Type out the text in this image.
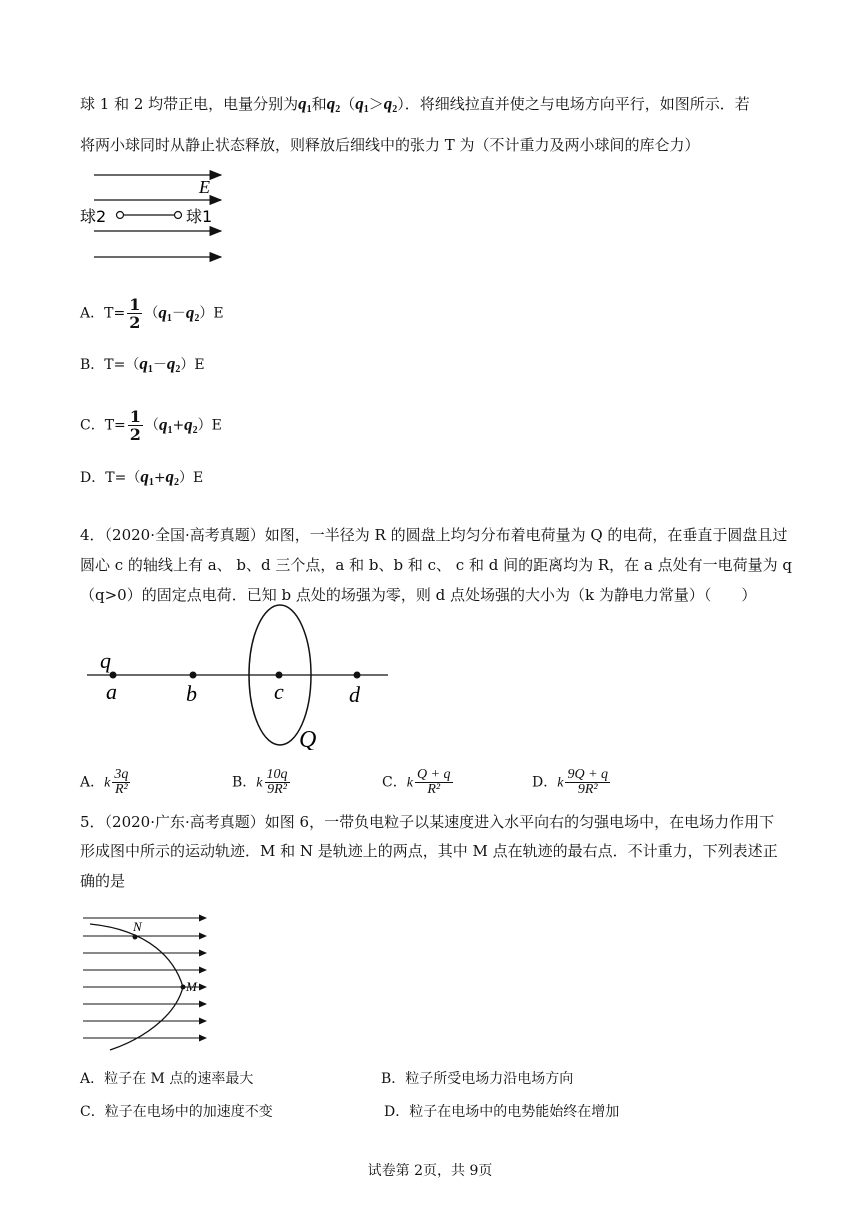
球 1 和 2 均带正电，电量分别为$q_1$和$q_2(q_1>q_2)$．将细线拉直并使之与电场方向平行，如图所示．若
将两小球同时从静止状态释放，则释放后细线中的张力 T 为（不计重力及两小球间的库仑力）
E
球2	球1
A．$T= \frac{1}{2} (q_1-q_2)E$
B．$T=(q_1-q_2)E$
C．$T= \frac{1}{2} (q_1+q_2)E$
D．$T=(q_1+q_2)E$
4．（2020·全国·高考真题）如图，一半径为 R 的圆盘上均匀分布着电荷量为 Q 的电荷，在垂直于圆盘且过
圆心 c 的轴线上有 a、 b、d 三个点，a 和 b、b 和 c、 c 和 d 间的距离均为 R，在 a 点处有一电荷量为 q
（q>0）的固定点电荷．已知 b 点处的场强为零，则 d 点处场强的大小为（k 为静电力常量）（　　）
q
a	b	c	d
Q
A．k $\frac{3q}{\text{R²}}$	B．k $\frac{10q}{\text{9R²}}$	C．k $\frac{Q + q}{\text{R²}}$	D．k $\frac{9Q + q}{\text{9R²}}$
5．（2020·广东·高考真题）如图 6，一带负电粒子以某速度进入水平向右的匀强电场中，在电场力作用下
形成图中所示的运动轨迹．M 和 N 是轨迹上的两点，其中 M 点在轨迹的最右点．不计重力，下列表述正
确的是
N
M
A．粒子在 M 点的速率最大	B．粒子所受电场力沿电场方向
C．粒子在电场中的加速度不变	D．粒子在电场中的电势能始终在增加
试卷第 2页，共 9页
